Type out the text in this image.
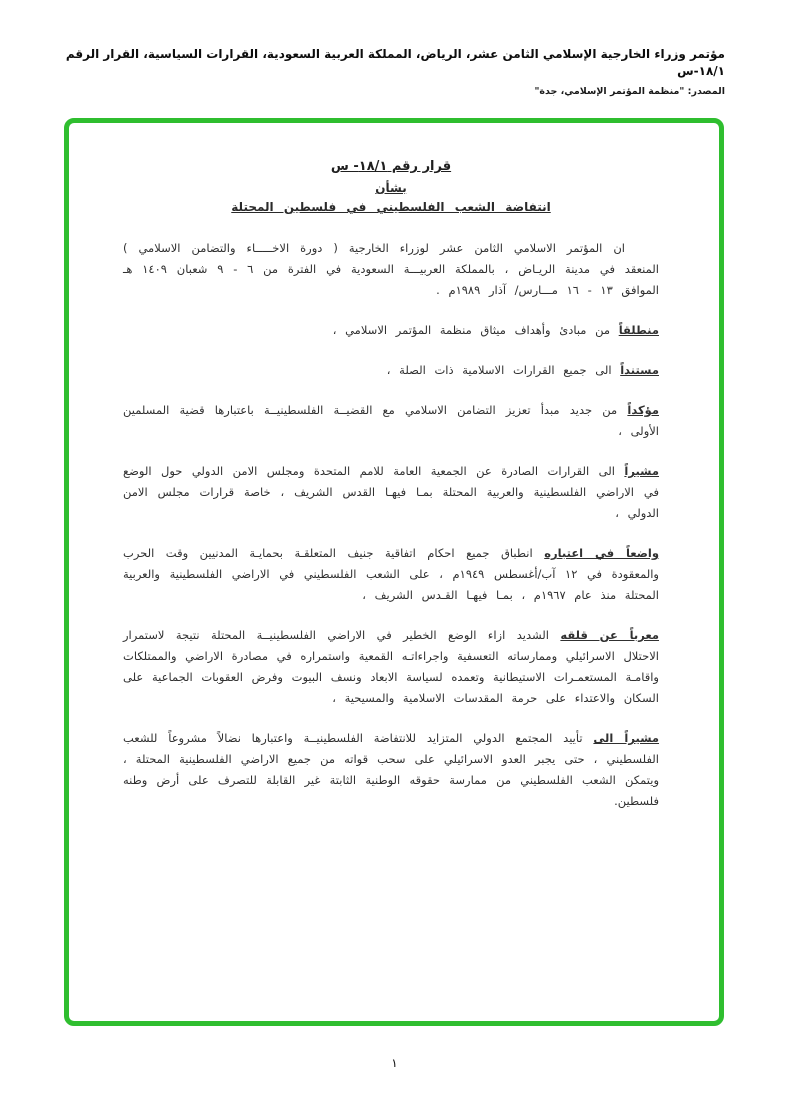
مؤتمر وزراء الخارجية الإسلامي الثامن عشر، الرياض، المملكة العربية السعودية، القرارات السياسية، القرار الرقم ١٨/١-س
المصدر: "منظمة المؤتمر الإسلامي، جدة"
قرار رقم ١٨/١- س
بشأن
انتفاضة الشعب الفلسطيني في فلسطين المحتلة

ان المؤتمر الاسلامي الثامن عشر لوزراء الخارجية ( دورة الاخـــــاء والتضامن الاسلامي ) المنعقد في مدينة الريـاض ، بالمملكة العربيـــة السعودية في الفترة من ٦ - ٩ شعبان ١٤٠٩ هـ الموافق ١٣ - ١٦ مـــارس/ آذار ١٩٨٩م .

منطلقاً من مبادئ وأهداف ميثاق منظمة المؤتمر الاسلامي ،

مستنداً الى جميع القرارات الاسلامية ذات الصلة ،

مؤكداً من جديد مبدأ تعزيز التضامن الاسلامي مع القضيــة الفلسطينيــة باعتبارها قضية المسلمين الأولى ،

مشيراً الى القرارات الصادرة عن الجمعية العامة للامم المتحدة ومجلس الامن الدولي حول الوضع في الاراضي الفلسطينية والعربية المحتلة بمـا فيهـا القدس الشريف ، خاصة قرارات مجلس الامن الدولي ،

واضعاً في اعتباره انطباق جميع احكام اتفاقية جنيف المتعلقـة بحمايـة المدنيين وقت الحرب والمعقودة في ١٢ آب/أغسطس ١٩٤٩م ، على الشعب الفلسطيني في الاراضي الفلسطينية والعربية المحتلة منذ عام ١٩٦٧م ، بمـا فيهـا القـدس الشريف ،

معرباً عن قلقه الشديد ازاء الوضع الخطير في الاراضي الفلسطينيــة المحتلة نتيجة لاستمرار الاحتلال الاسرائيلي وممارساته التعسفية واجراءاتـه القمعية واستمراره في مصادرة الاراضي والممتلكات واقامـة المستعمـرات الاستيطانية وتعمده لسياسة الابعاد ونسف البيوت وفرض العقوبات الجماعية على السكان والاعتداء على حرمة المقدسات الاسلامية والمسيحية ،

مشيراً الى تأييد المجتمع الدولي المتزايد للانتفاضة الفلسطينيــة واعتبارها نضالاً مشروعاً للشعب الفلسطيني ، حتى يجبر العدو الاسرائيلي على سحب قواته من جميع الاراضي الفلسطينية المحتلة ، ويتمكن الشعب الفلسطيني من ممارسة حقوقه الوطنية الثابتة غير القابلة للتصرف على أرض وطنه فلسطين.

١
